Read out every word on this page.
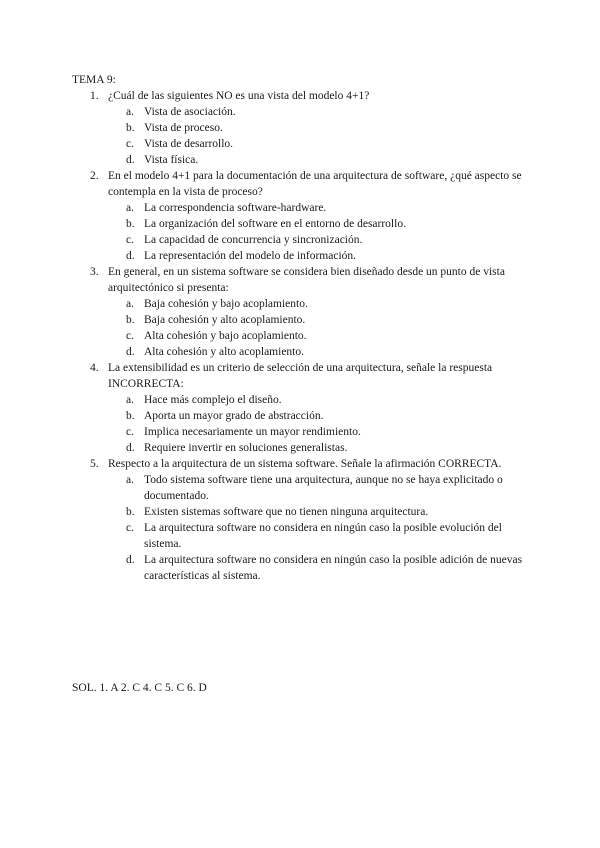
TEMA 9:
1. ¿Cuál de las siguientes NO es una vista del modelo 4+1?
a. Vista de asociación.
b. Vista de proceso.
c. Vista de desarrollo.
d. Vista física.
2. En el modelo 4+1 para la documentación de una arquitectura de software, ¿qué aspecto se contempla en la vista de proceso?
a. La correspondencia software-hardware.
b. La organización del software en el entorno de desarrollo.
c. La capacidad de concurrencia y sincronización.
d. La representación del modelo de información.
3. En general, en un sistema software se considera bien diseñado desde un punto de vista arquitectónico si presenta:
a. Baja cohesión y bajo acoplamiento.
b. Baja cohesión y alto acoplamiento.
c. Alta cohesión y bajo acoplamiento.
d. Alta cohesión y alto acoplamiento.
4. La extensibilidad es un criterio de selección de una arquitectura, señale la respuesta INCORRECTA:
a. Hace más complejo el diseño.
b. Aporta un mayor grado de abstracción.
c. Implica necesariamente un mayor rendimiento.
d. Requiere invertir en soluciones generalistas.
5. Respecto a la arquitectura de un sistema software. Señale la afirmación CORRECTA.
a. Todo sistema software tiene una arquitectura, aunque no se haya explicitado o documentado.
b. Existen sistemas software que no tienen ninguna arquitectura.
c. La arquitectura software no considera en ningún caso la posible evolución del sistema.
d. La arquitectura software no considera en ningún caso la posible adición de nuevas características al sistema.
SOL. 1. A 2. C 4. C 5. C 6. D
